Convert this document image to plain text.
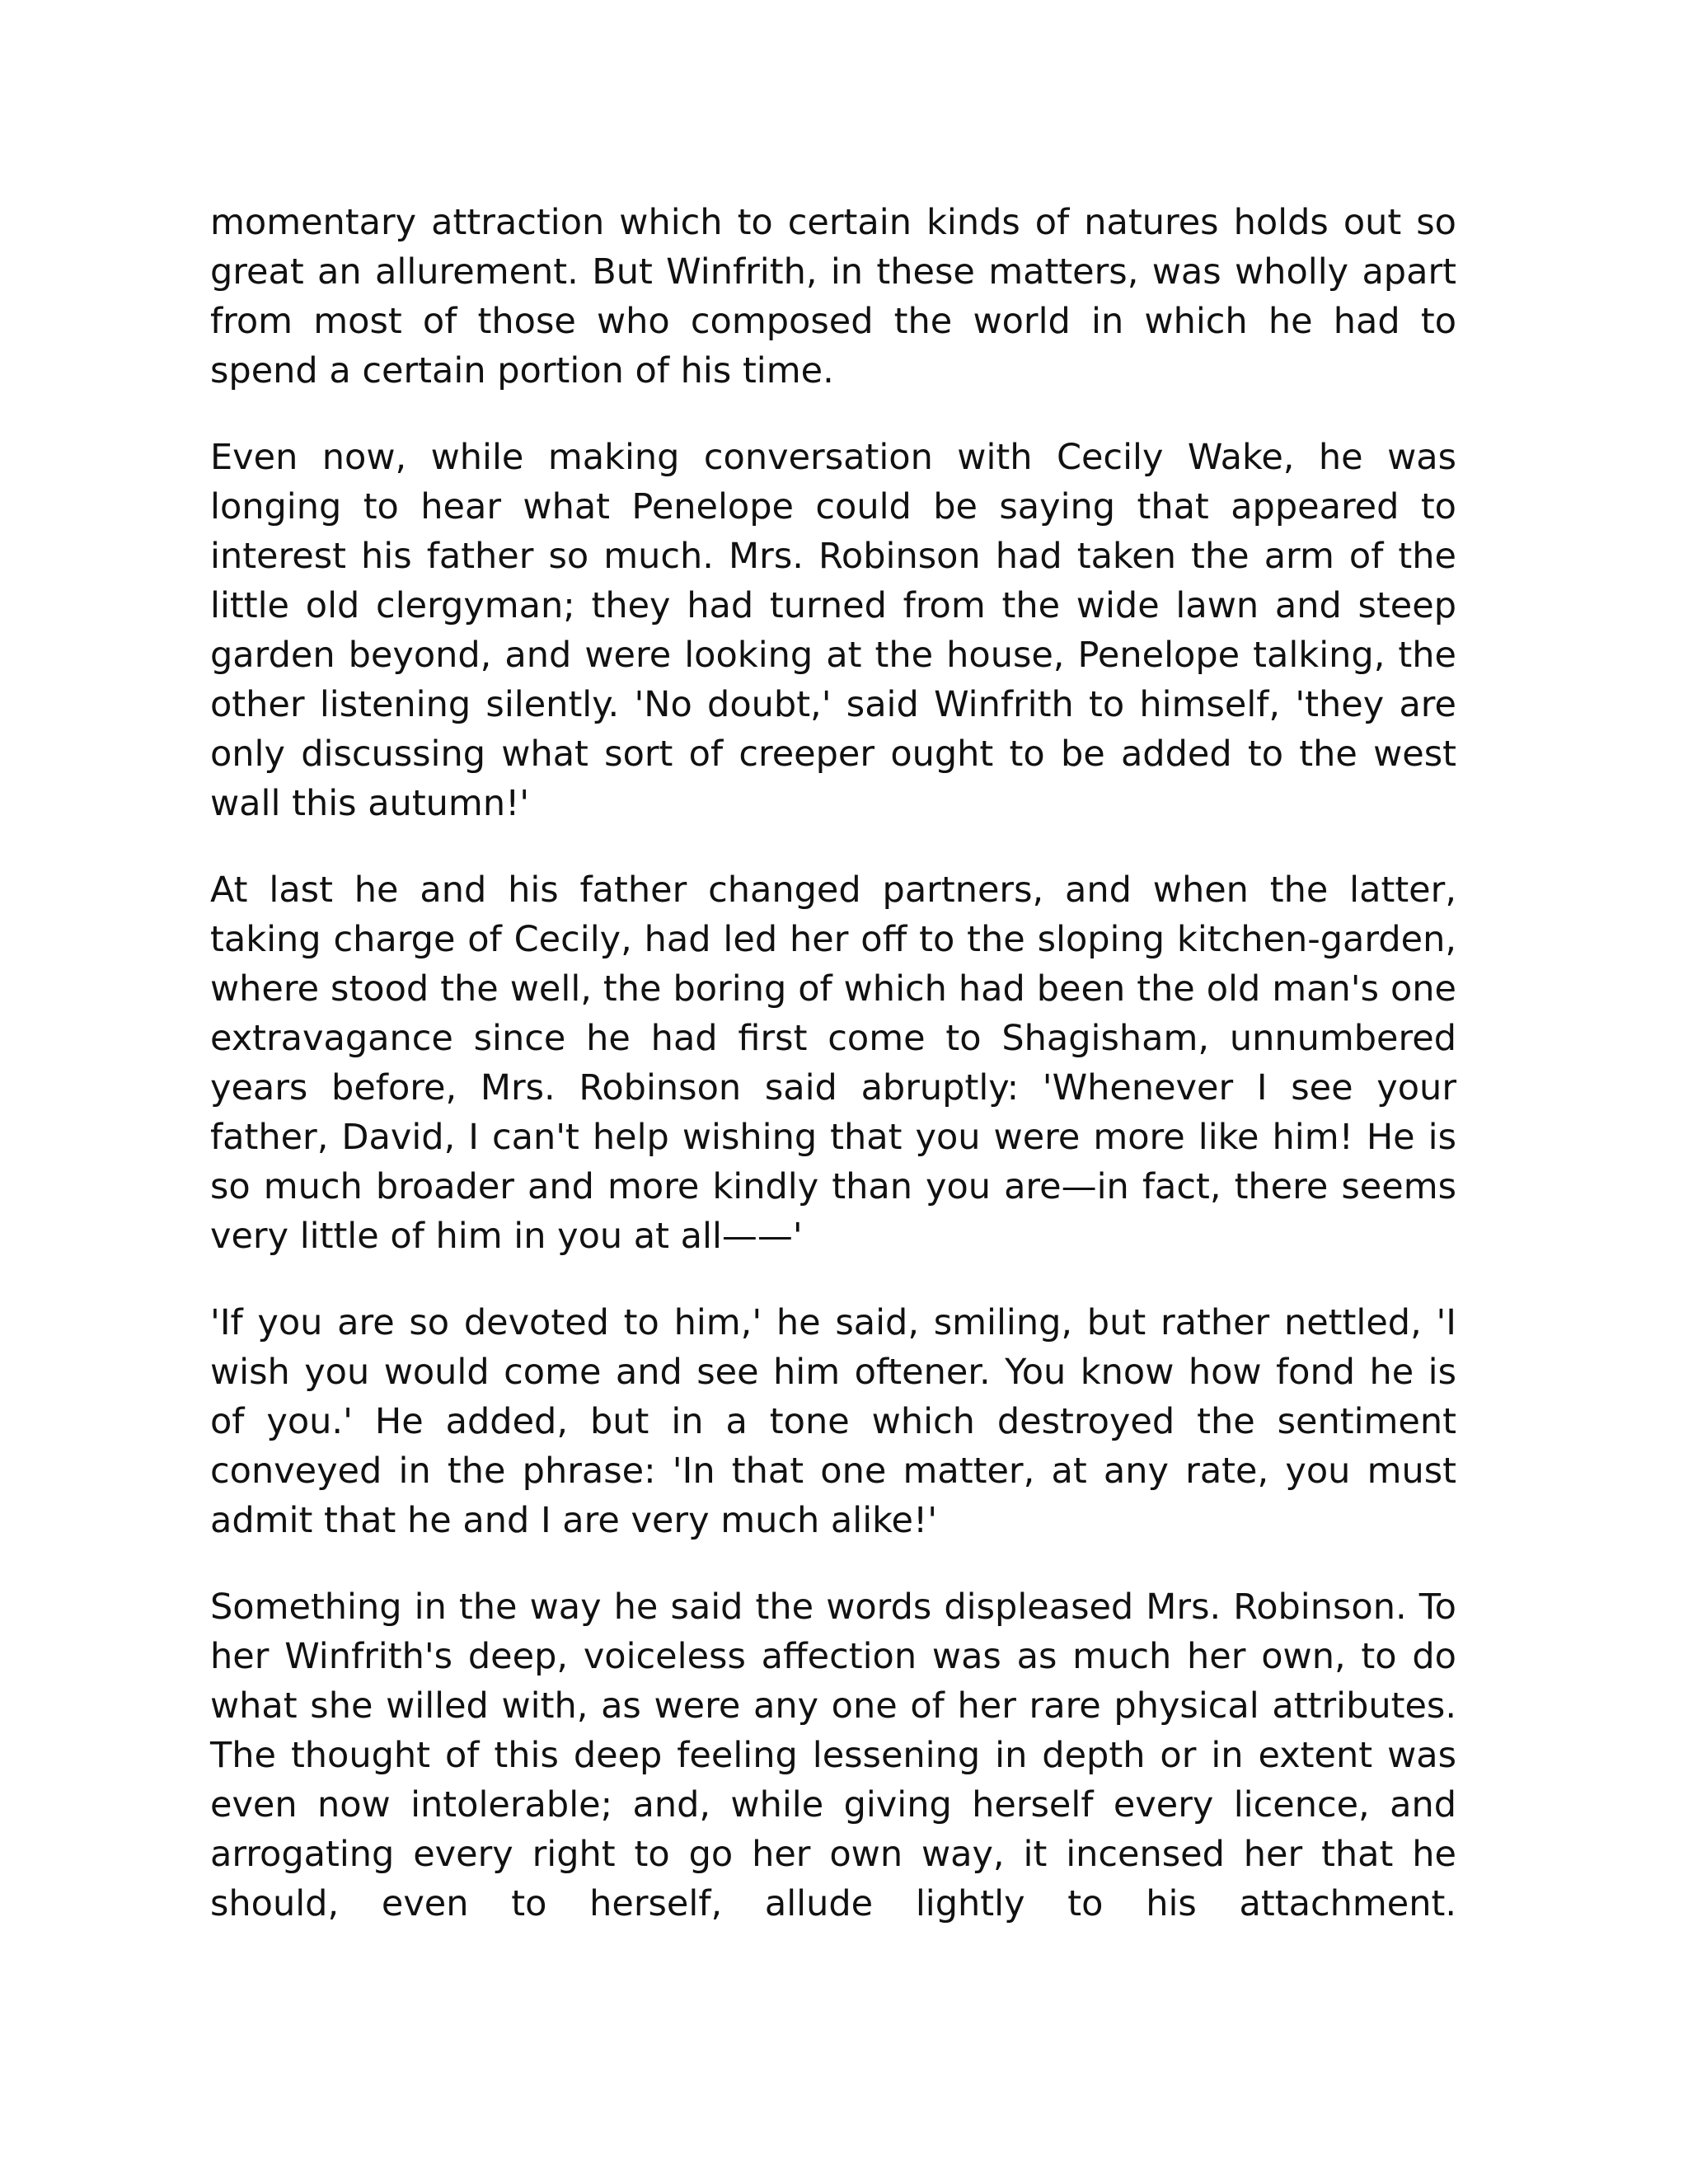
momentary attraction which to certain kinds of natures holds out so great an allurement. But Winfrith, in these matters, was wholly apart from most of those who composed the world in which he had to spend a certain portion of his time.

Even now, while making conversation with Cecily Wake, he was longing to hear what Penelope could be saying that appeared to interest his father so much. Mrs. Robinson had taken the arm of the little old clergyman; they had turned from the wide lawn and steep garden beyond, and were looking at the house, Penelope talking, the other listening silently. 'No doubt,' said Winfrith to himself, 'they are only discussing what sort of creeper ought to be added to the west wall this autumn!'

At last he and his father changed partners, and when the latter, taking charge of Cecily, had led her off to the sloping kitchen-garden, where stood the well, the boring of which had been the old man's one extravagance since he had first come to Shagisham, unnumbered years before, Mrs. Robinson said abruptly: 'Whenever I see your father, David, I can't help wishing that you were more like him! He is so much broader and more kindly than you are—in fact, there seems very little of him in you at all——'

'If you are so devoted to him,' he said, smiling, but rather nettled, 'I wish you would come and see him oftener. You know how fond he is of you.' He added, but in a tone which destroyed the sentiment conveyed in the phrase: 'In that one matter, at any rate, you must admit that he and I are very much alike!'

Something in the way he said the words displeased Mrs. Robinson. To her Winfrith's deep, voiceless affection was as much her own, to do what she willed with, as were any one of her rare physical attributes. The thought of this deep feeling lessening in depth or in extent was even now intolerable; and, while giving herself every licence, and arrogating every right to go her own way, it incensed her that he should, even to herself, allude lightly to his attachment.
